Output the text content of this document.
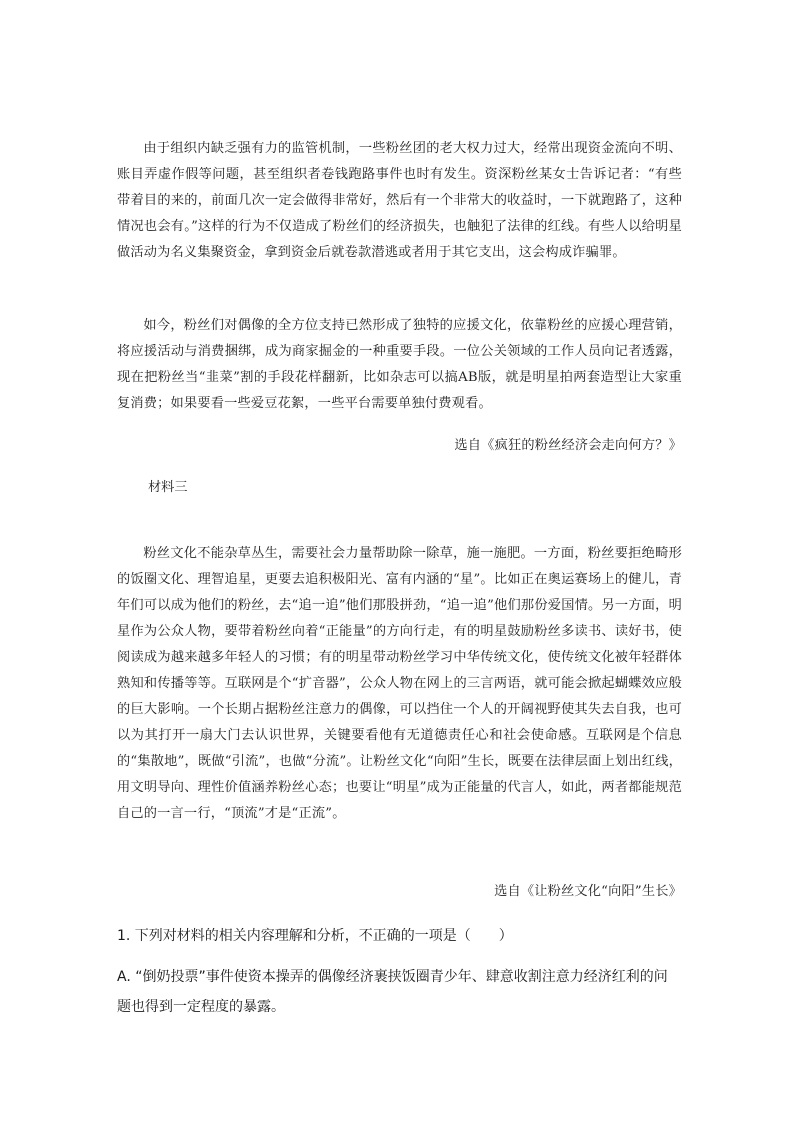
由于组织内缺乏强有力的监管机制，一些粉丝团的老大权力过大，经常出现资金流向不明、账目弄虚作假等问题，甚至组织者卷钱跑路事件也时有发生。资深粉丝某女士告诉记者：“有些带着目的来的，前面几次一定会做得非常好，然后有一个非常大的收益时，一下就跑路了，这种情况也会有。”这样的行为不仅造成了粉丝们的经济损失，也触犯了法律的红线。有些人以给明星做活动为名义集聚资金，拿到资金后就卷款潜逃或者用于其它支出，这会构成诈骗罪。

如今，粉丝们对偶像的全方位支持已然形成了独特的应援文化，依靠粉丝的应援心理营销，将应援活动与消费捆绑，成为商家掘金的一种重要手段。一位公关领域的工作人员向记者透露，现在把粉丝当“韭菜”割的手段花样翻新，比如杂志可以搞AB版，就是明星拍两套造型让大家重复消费；如果要看一些爱豆花絮，一些平台需要单独付费观看。

选自《疯狂的粉丝经济会走向何方？》

材料三

粉丝文化不能杂草丛生，需要社会力量帮助除一除草，施一施肥。一方面，粉丝要拒绝畸形的饭圈文化、理智追星，更要去追积极阳光、富有内涵的“星”。比如正在奥运赛场上的健儿，青年们可以成为他们的粉丝，去“追一追”他们那股拼劲，“追一追”他们那份爱国情。另一方面，明星作为公众人物，要带着粉丝向着“正能量”的方向行走，有的明星鼓励粉丝多读书、读好书，使阅读成为越来越多年轻人的习惯；有的明星带动粉丝学习中华传统文化，使传统文化被年轻群体熟知和传播等等。互联网是个“扩音器”，公众人物在网上的三言两语，就可能会掀起蝴蝶效应般的巨大影响。一个长期占据粉丝注意力的偶像，可以挡住一个人的开阔视野使其失去自我，也可以为其打开一扇大门去认识世界，关键要看他有无道德责任心和社会使命感。互联网是个信息的“集散地”，既做“引流”，也做“分流”。让粉丝文化“向阳”生长，既要在法律层面上划出红线，用文明导向、理性价值涵养粉丝心态；也要让“明星”成为正能量的代言人，如此，两者都能规范自己的一言一行，“顶流”才是“正流”。

选自《让粉丝文化“向阳”生长》

1. 下列对材料的相关内容理解和分析，不正确的一项是（　　）

A. “倒奶投票”事件使资本操弄的偶像经济裹挟饭圈青少年、肆意收割注意力经济红利的问题也得到一定程度的暴露。
